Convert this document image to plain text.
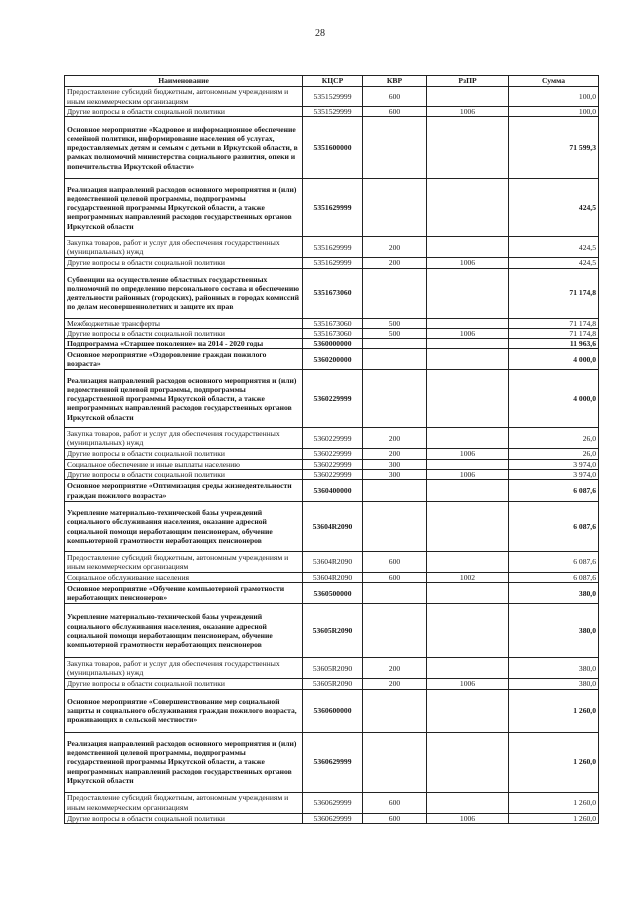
28
Наименование	КЦСР	КВР	РзПР	Сумма
Предоставление субсидий бюджетным, автономным учреждениям и иным некоммерческим организациям	5351529999	600		100,0
Другие вопросы в области социальной политики	5351529999	600	1006	100,0
Основное мероприятие «Кадровое и информационное обеспечение семейной политики, информирование населения об услугах, предоставляемых детям и семьям с детьми в Иркутской области, в рамках полномочий министерства социального развития, опеки и попечительства Иркутской области»	5351600000			71 599,3
Реализация направлений расходов основного мероприятия и (или) ведомственной целевой программы, подпрограммы государственной программы Иркутской области, а также непрограммных направлений расходов государственных органов Иркутской области	5351629999			424,5
Закупка товаров, работ и услуг для обеспечения государственных (муниципальных) нужд	5351629999	200		424,5
Другие вопросы в области социальной политики	5351629999	200	1006	424,5
Субвенции на осуществление областных государственных полномочий по определению персонального состава и обеспечению деятельности районных (городских), районных в городах комиссий по делам несовершеннолетних и защите их прав	5351673060			71 174,8
Межбюджетные трансферты	5351673060	500		71 174,8
Другие вопросы в области социальной политики	5351673060	500	1006	71 174,8
Подпрограмма «Старшее поколение» на 2014 - 2020 годы	5360000000			11 963,6
Основное мероприятие «Оздоровление граждан пожилого возраста»	5360200000			4 000,0
Реализация направлений расходов основного мероприятия и (или) ведомственной целевой программы, подпрограммы государственной программы Иркутской области, а также непрограммных направлений расходов государственных органов Иркутской области	5360229999			4 000,0
Закупка товаров, работ и услуг для обеспечения государственных (муниципальных) нужд	5360229999	200		26,0
Другие вопросы в области социальной политики	5360229999	200	1006	26,0
Социальное обеспечение и иные выплаты населению	5360229999	300		3 974,0
Другие вопросы в области социальной политики	5360229999	300	1006	3 974,0
Основное мероприятие «Оптимизация среды жизнедеятельности граждан пожилого возраста»	5360400000			6 087,6
Укрепление материально-технической базы учреждений социального обслуживания населения, оказание адресной социальной помощи неработающим пенсионерам, обучение компьютерной грамотности неработающих пенсионеров	53604R2090			6 087,6
Предоставление субсидий бюджетным, автономным учреждениям и иным некоммерческим организациям	53604R2090	600		6 087,6
Социальное обслуживание населения	53604R2090	600	1002	6 087,6
Основное мероприятие «Обучение компьютерной грамотности неработающих пенсионеров»	5360500000			380,0
Укрепление материально-технической базы учреждений социального обслуживания населения, оказание адресной социальной помощи неработающим пенсионерам, обучение компьютерной грамотности неработающих пенсионеров	53605R2090			380,0
Закупка товаров, работ и услуг для обеспечения государственных (муниципальных) нужд	53605R2090	200		380,0
Другие вопросы в области социальной политики	53605R2090	200	1006	380,0
Основное мероприятие «Совершенствование мер социальной защиты и социального обслуживания граждан пожилого возраста, проживающих в сельской местности»	5360600000			1 260,0
Реализация направлений расходов основного мероприятия и (или) ведомственной целевой программы, подпрограммы государственной программы Иркутской области, а также непрограммных направлений расходов государственных органов Иркутской области	5360629999			1 260,0
Предоставление субсидий бюджетным, автономным учреждениям и иным некоммерческим организациям	5360629999	600		1 260,0
Другие вопросы в области социальной политики	5360629999	600	1006	1 260,0
